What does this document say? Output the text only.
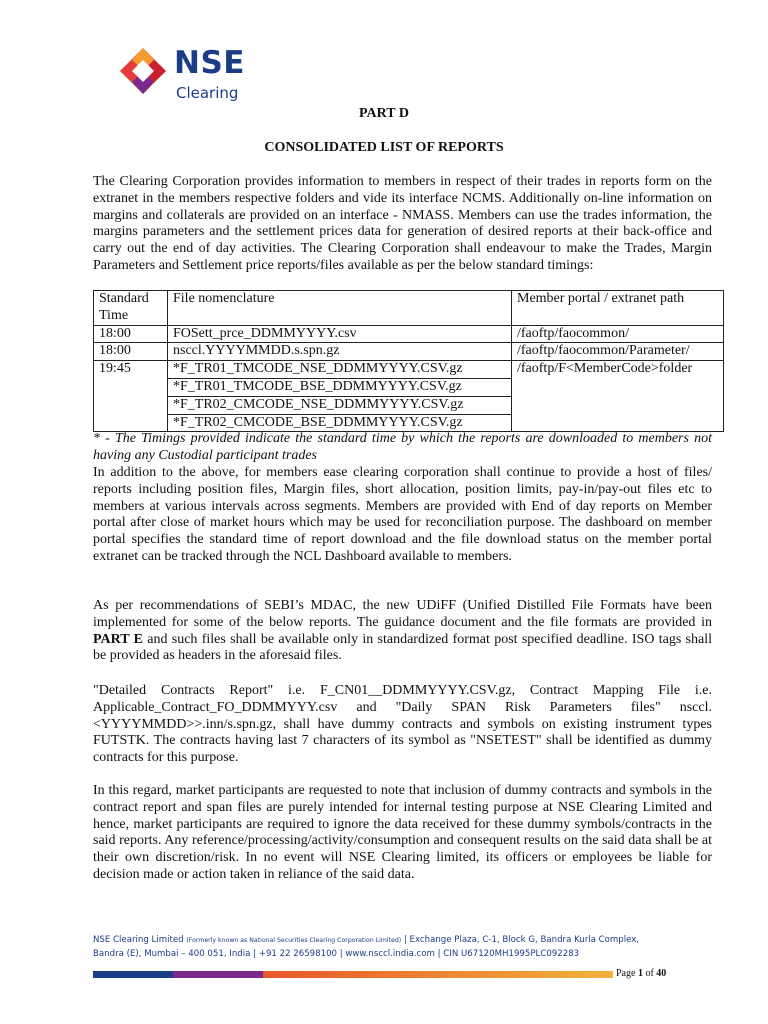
NSE
Clearing
PART D
CONSOLIDATED LIST OF REPORTS

The Clearing Corporation provides information to members in respect of their trades in reports form on the extranet in the members respective folders and vide its interface NCMS. Additionally on-line information on margins and collaterals are provided on an interface - NMASS. Members can use the trades information, the margins parameters and the settlement prices data for generation of desired reports at their back-office and carry out the end of day activities. The Clearing Corporation shall endeavour to make the Trades, Margin Parameters and Settlement price reports/files available as per the below standard timings:

Standard Time	File nomenclature	Member portal / extranet path
18:00	FOSett_prce_DDMMYYYY.csv	/faoftp/faocommon/
18:00	nsccl.YYYYMMDD.s.spn.gz	/faoftp/faocommon/Parameter/
19:45	*F_TR01_TMCODE_NSE_DDMMYYYY.CSV.gz	/faoftp/F<MemberCode>folder
	*F_TR01_TMCODE_BSE_DDMMYYYY.CSV.gz	
	*F_TR02_CMCODE_NSE_DDMMYYYY.CSV.gz	
	*F_TR02_CMCODE_BSE_DDMMYYYY.CSV.gz	

* - The Timings provided indicate the standard time by which the reports are downloaded to members not having any Custodial participant trades

In addition to the above, for members ease clearing corporation shall continue to provide a host of files/ reports including position files, Margin files, short allocation, position limits, pay-in/pay-out files etc to members at various intervals across segments. Members are provided with End of day reports on Member portal after close of market hours which may be used for reconciliation purpose. The dashboard on member portal specifies the standard time of report download and the file download status on the member portal extranet can be tracked through the NCL Dashboard available to members.

As per recommendations of SEBI’s MDAC, the new UDiFF (Unified Distilled File Formats have been implemented for some of the below reports. The guidance document and the file formats are provided in PART E and such files shall be available only in standardized format post specified deadline. ISO tags shall be provided as headers in the aforesaid files.

"Detailed Contracts Report" i.e. F_CN01__DDMMYYYY.CSV.gz, Contract Mapping File i.e. Applicable_Contract_FO_DDMMYYY.csv and "Daily SPAN Risk Parameters files" nsccl.<YYYYMMDD>>.inn/s.spn.gz, shall have dummy contracts and symbols on existing instrument types FUTSTK. The contracts having last 7 characters of its symbol as "NSETEST" shall be identified as dummy contracts for this purpose.

In this regard, market participants are requested to note that inclusion of dummy contracts and symbols in the contract report and span files are purely intended for internal testing purpose at NSE Clearing Limited and hence, market participants are required to ignore the data received for these dummy symbols/contracts in the said reports. Any reference/processing/activity/consumption and consequent results on the said data shall be at their own discretion/risk. In no event will NSE Clearing limited, its officers or employees be liable for decision made or action taken in reliance of the said data.

NSE Clearing Limited (Formerly known as National Securities Clearing Corporation Limited) | Exchange Plaza, C-1, Block G, Bandra Kurla Complex,
Bandra (E), Mumbai – 400 051, India | +91 22 26598100 | www.nsccl.india.com | CIN U67120MH1995PLC092283
Page 1 of 40
